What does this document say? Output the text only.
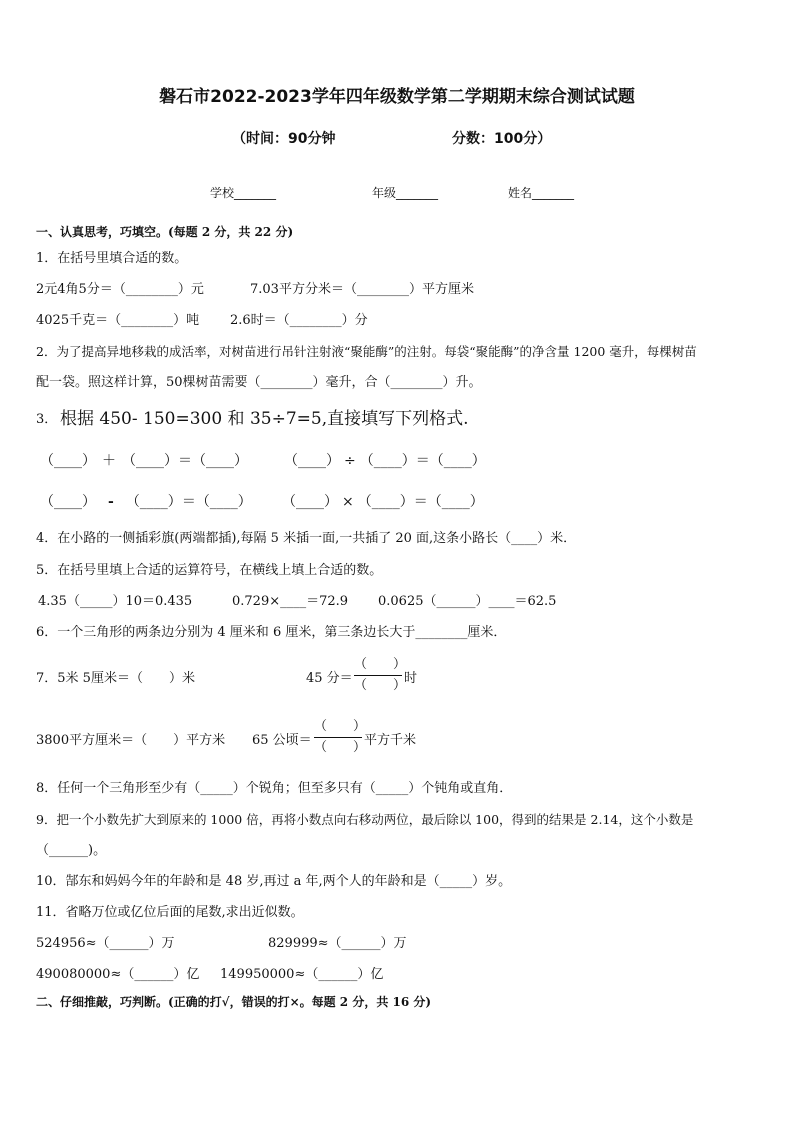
磐石市2022-2023学年四年级数学第二学期期末综合测试试题
（时间：90分钟	分数：100分）
学校_______	年级_______	姓名_______
一、认真思考，巧填空。(每题 2 分，共 22 分)
1．在括号里填合适的数。
2元4角5分＝（________）元	7.03平方分米＝（________）平方厘米
4025千克＝（________）吨 2.6时＝（________）分
2．为了提高异地移栽的成活率，对树苗进行吊针注射液“聚能酶”的注射。每袋“聚能酶”的净含量 1200 毫升，每棵树苗
配一袋。照这样计算，50棵树苗需要（________）毫升，合（________）升。
3． 根据 450- 150=300 和 35÷7=5,直接填写下列格式.
（____） ＋ （____）＝（____）	（____） ÷ （____）＝（____）
（____） - （____）＝（____） （____） × （____）＝（____）
4．在小路的一侧插彩旗(两端都插),每隔 5 米插一面,一共插了 20 面,这条小路长（____）米．
5．在括号里填上合适的运算符号，在横线上填上合适的数。
4.35（_____）10＝0.435	0.729×____＝72.9 0.0625（______）____＝62.5
6．一个三角形的两条边分别为 4 厘米和 6 厘米，第三条边长大于________厘米．
7．5米 5厘米＝（　　）米	45 分＝
（　　）
（　　）
时
3800平方厘米＝（　　）平方米 65 公顷＝
（　　）
（　　）
平方千米
8．任何一个三角形至少有（_____）个锐角；但至多只有（_____）个钝角或直角．
9．把一个小数先扩大到原来的 1000 倍，再将小数点向右移动两位，最后除以 100，得到的结果是 2.14，这个小数是
（______)。
10．郜东和妈妈今年的年龄和是 48 岁,再过 a 年,两个人的年龄和是（_____）岁。
11．省略万位或亿位后面的尾数,求出近似数。
524956≈（______）万	829999≈（______）万
490080000≈（______）亿 149950000≈（______）亿
二、仔细推敲，巧判断。(正确的打√，错误的打×。每题 2 分，共 16 分)
